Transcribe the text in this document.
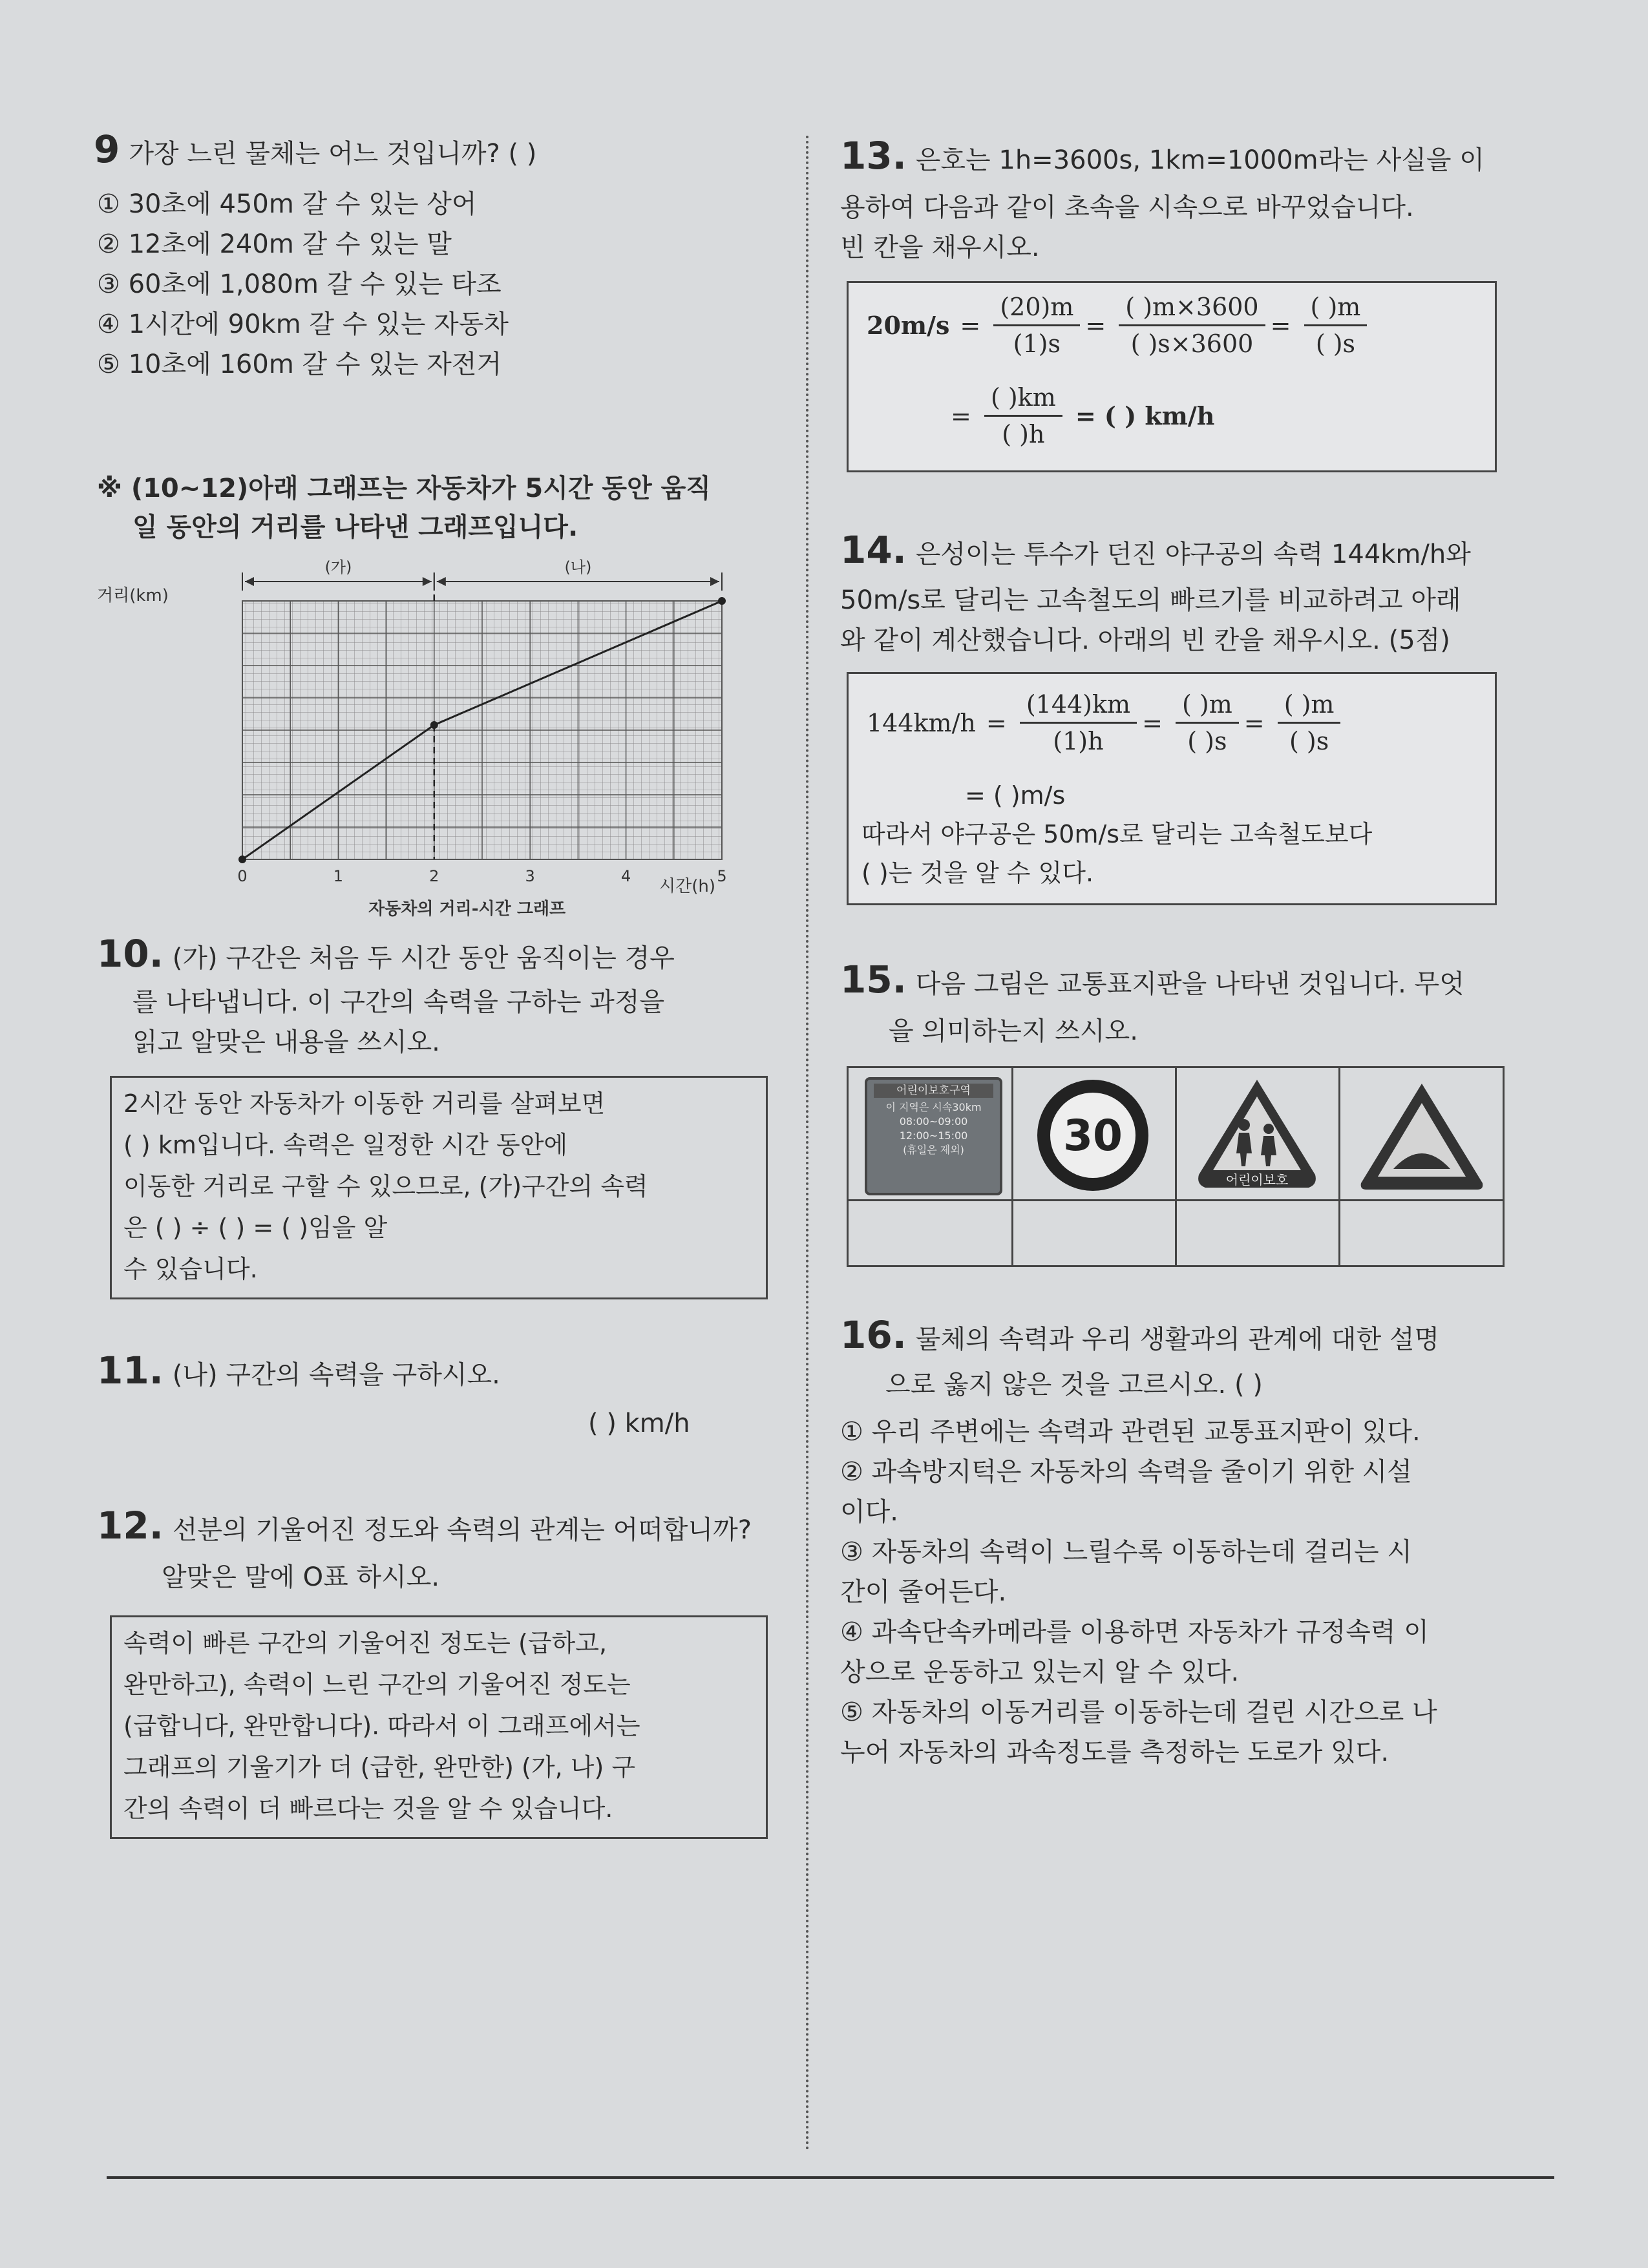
9 가장 느린 물체는 어느 것입니까? ( )
① 30초에 450m 갈 수 있는 상어
② 12초에 240m 갈 수 있는 말
③ 60초에 1,080m 갈 수 있는 타조
④ 1시간에 90km 갈 수 있는 자동차
⑤ 10초에 160m 갈 수 있는 자전거
※ (10~12)아래 그래프는 자동차가 5시간 동안 움직
일 동안의 거리를 나타낸 그래프입니다.
(가)	(나)
0	1	2	3	4	5
거리(km)
시간(h)
자동차의 거리-시간 그래프
10. (가) 구간은 처음 두 시간 동안 움직이는 경우
를 나타냅니다. 이 구간의 속력을 구하는 과정을
읽고 알맞은 내용을 쓰시오.
2시간 동안 자동차가 이동한 거리를 살펴보면
( ) km입니다. 속력은 일정한 시간 동안에
이동한 거리로 구할 수 있으므로, (가)구간의 속력
은 ( ) ÷ ( ) = ( )임을 알
수 있습니다.
11. (나) 구간의 속력을 구하시오.
( ) km/h
12. 선분의 기울어진 정도와 속력의 관계는 어떠합니까?
알맞은 말에 O표 하시오.
속력이 빠른 구간의 기울어진 정도는 (급하고,
완만하고), 속력이 느린 구간의 기울어진 정도는
(급합니다, 완만합니다). 따라서 이 그래프에서는
그래프의 기울기가 더 (급한, 완만한) (가, 나) 구
간의 속력이 더 빠르다는 것을 알 수 있습니다.
13. 은호는 1h=3600s, 1km=1000m라는 사실을 이
용하여 다음과 같이 초속을 시속으로 바꾸었습니다.
빈 칸을 채우시오.
$20m/s = \frac{(20)m}{(1)s} = \frac{( )m\times 3600}{( )s\times 3600} = \frac{( )m}{( )s}$
= $\frac{( )km}{( )h}$ = ( ) km/h
14. 은성이는 투수가 던진 야구공의 속력 144km/h와
50m/s로 달리는 고속철도의 빠르기를 비교하려고 아래
와 같이 계산했습니다. 아래의 빈 칸을 채우시오. (5점)
$144km/h = \frac{(144)km}{(1)h} = \frac{( )m}{( )s} = \frac{( )m}{( )s}$
= ( )m/s
따라서 야구공은 50m/s로 달리는 고속철도보다
( )는 것을 알 수 있다.
15. 다음 그림은 교통표지판을 나타낸 것입니다. 무엇
을 의미하는지 쓰시오.
어린이보호구역
이 지역은 시속30km
08:00~09:00
12:00~15:00
(휴일은 제외)	30
어린이보호
16. 물체의 속력과 우리 생활과의 관계에 대한 설명
으로 옳지 않은 것을 고르시오. ( )
① 우리 주변에는 속력과 관련된 교통표지판이 있다.
② 과속방지턱은 자동차의 속력을 줄이기 위한 시설
이다.
③ 자동차의 속력이 느릴수록 이동하는데 걸리는 시
간이 줄어든다.
④ 과속단속카메라를 이용하면 자동차가 규정속력 이
상으로 운동하고 있는지 알 수 있다.
⑤ 자동차의 이동거리를 이동하는데 걸린 시간으로 나
누어 자동차의 과속정도를 측정하는 도로가 있다.
